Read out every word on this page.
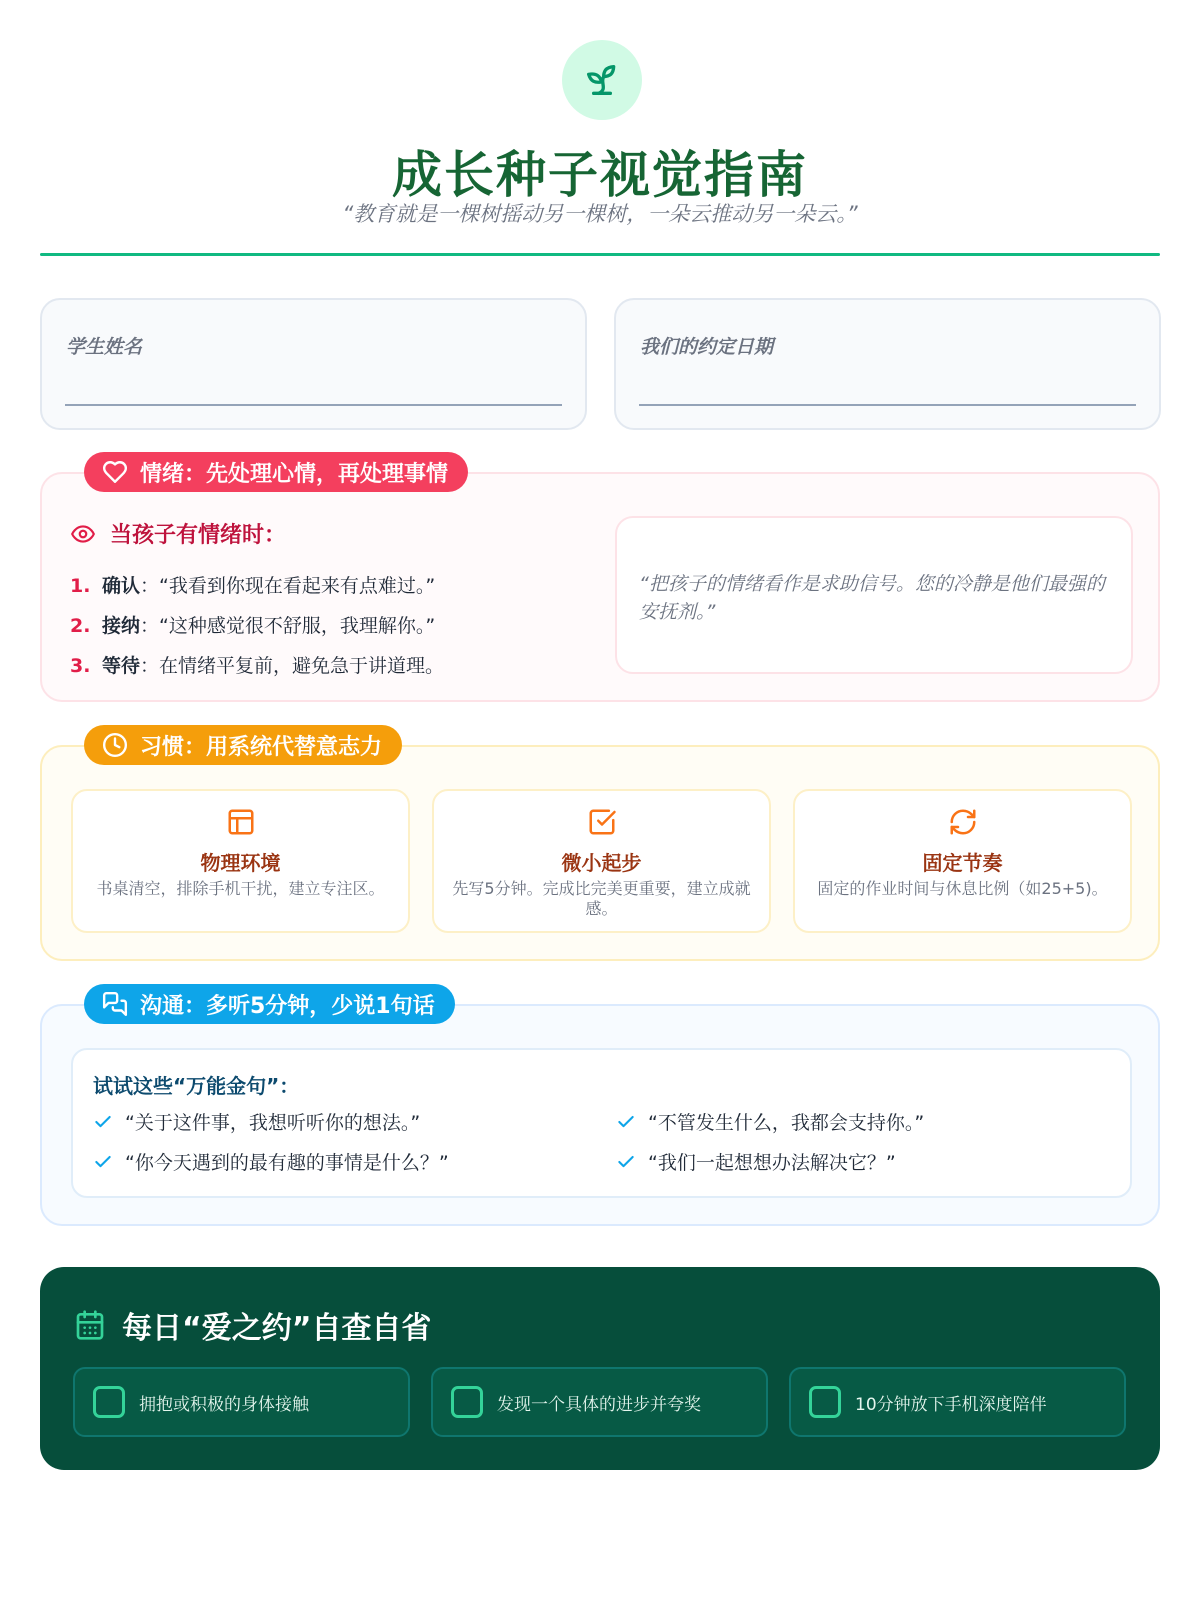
成长种子视觉指南
“教育就是一棵树摇动另一棵树，一朵云推动另一朵云。”
学生姓名	我们的约定日期
情绪：先处理心情，再处理事情
当孩子有情绪时：
1. 确认：“我看到你现在看起来有点难过。”
2. 接纳：“这种感觉很不舒服，我理解你。”
3. 等待：在情绪平复前，避免急于讲道理。
“把孩子的情绪看作是求助信号。您的冷静是他们最强的安抚剂。”
习惯：用系统代替意志力
物理环境
书桌清空，排除手机干扰，建立专注区。
微小起步
先写5分钟。完成比完美更重要，建立成就感。
固定节奏
固定的作业时间与休息比例（如25+5)。
沟通：多听5分钟，少说1句话
试试这些“万能金句”：
“关于这件事，我想听听你的想法。”	“不管发生什么，我都会支持你。”
“你今天遇到的最有趣的事情是什么？”	“我们一起想想办法解决它？”
每日“爱之约”自查自省
拥抱或积极的身体接触	发现一个具体的进步并夸奖	10分钟放下手机深度陪伴
